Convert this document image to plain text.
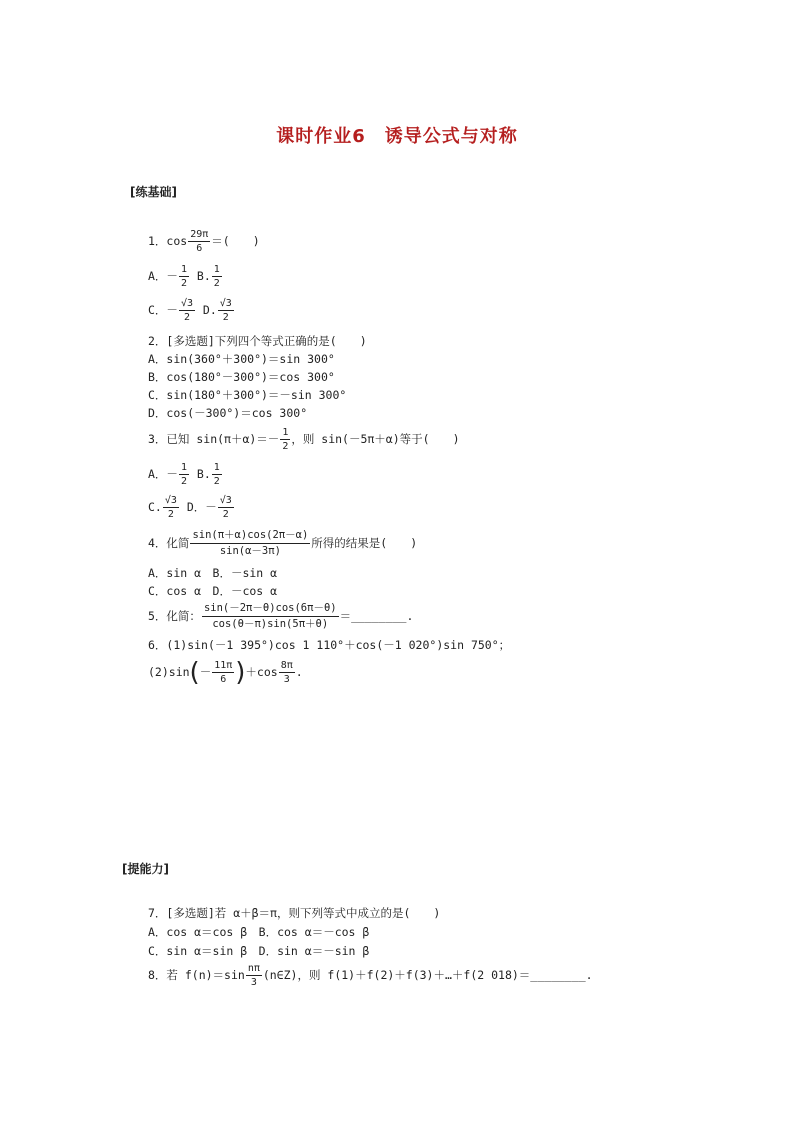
课时作业6　诱导公式与对称
[练基础]
1．$\cos \frac{29\pi}{6}$ ＝(　　)
A．－ $\frac{1}{2} B$. $\frac{1}{2}$
C．－ $\frac{√3}{2} D$. $\frac{√3}{2}$
2．[多选题]下列四个等式正确的是(　　)
A．sin(360°＋300°)＝sin 300°
B．cos(180°－300°)＝cos 300°
C．sin(180°＋300°)＝－sin 300°
D．cos(－300°)＝cos 300°
3．已知 $\sin(\pi+\alpha)=- \frac{1}{2}$ ，则 sin(－5π＋α)等于(　　)
A．－ $\frac{1}{2} B$. $\frac{1}{2}$
C. $\frac{√3}{2}$ D．－ $\frac{√3}{2}$
4．化简 $\frac{\sin(\pi+\alpha)\cos(2\pi-\alpha)}{\sin(\alpha-3\pi)}$ 所得的结果是(　　)
A．sin α　B．－sin α
C．cos α　D．－cos α
5．化简： $\frac{\sin(-2\pi-\theta)\cos(6\pi-\theta)}{\cos(\theta-\pi)\sin(5\pi+\theta)}$ ＝________.
6．(1)sin(－1 395°)cos 1 110°＋cos(－1 020°)sin 750°；
$(2)\sin(- \frac{11\pi}{6} )+\cos \frac{8\pi}{3}$ .
[提能力]
7．[多选题]若 α＋β＝π，则下列等式中成立的是(　　)
A．cos α＝cos β　B．cos α＝－cos β
C．sin α＝sin β　D．sin α＝－sin β
8．若 $f(n)=\sin \frac{n\pi}{3}$ (n∈Z)，则 f(1)＋f(2)＋f(3)＋…＋f(2 018)＝________.
